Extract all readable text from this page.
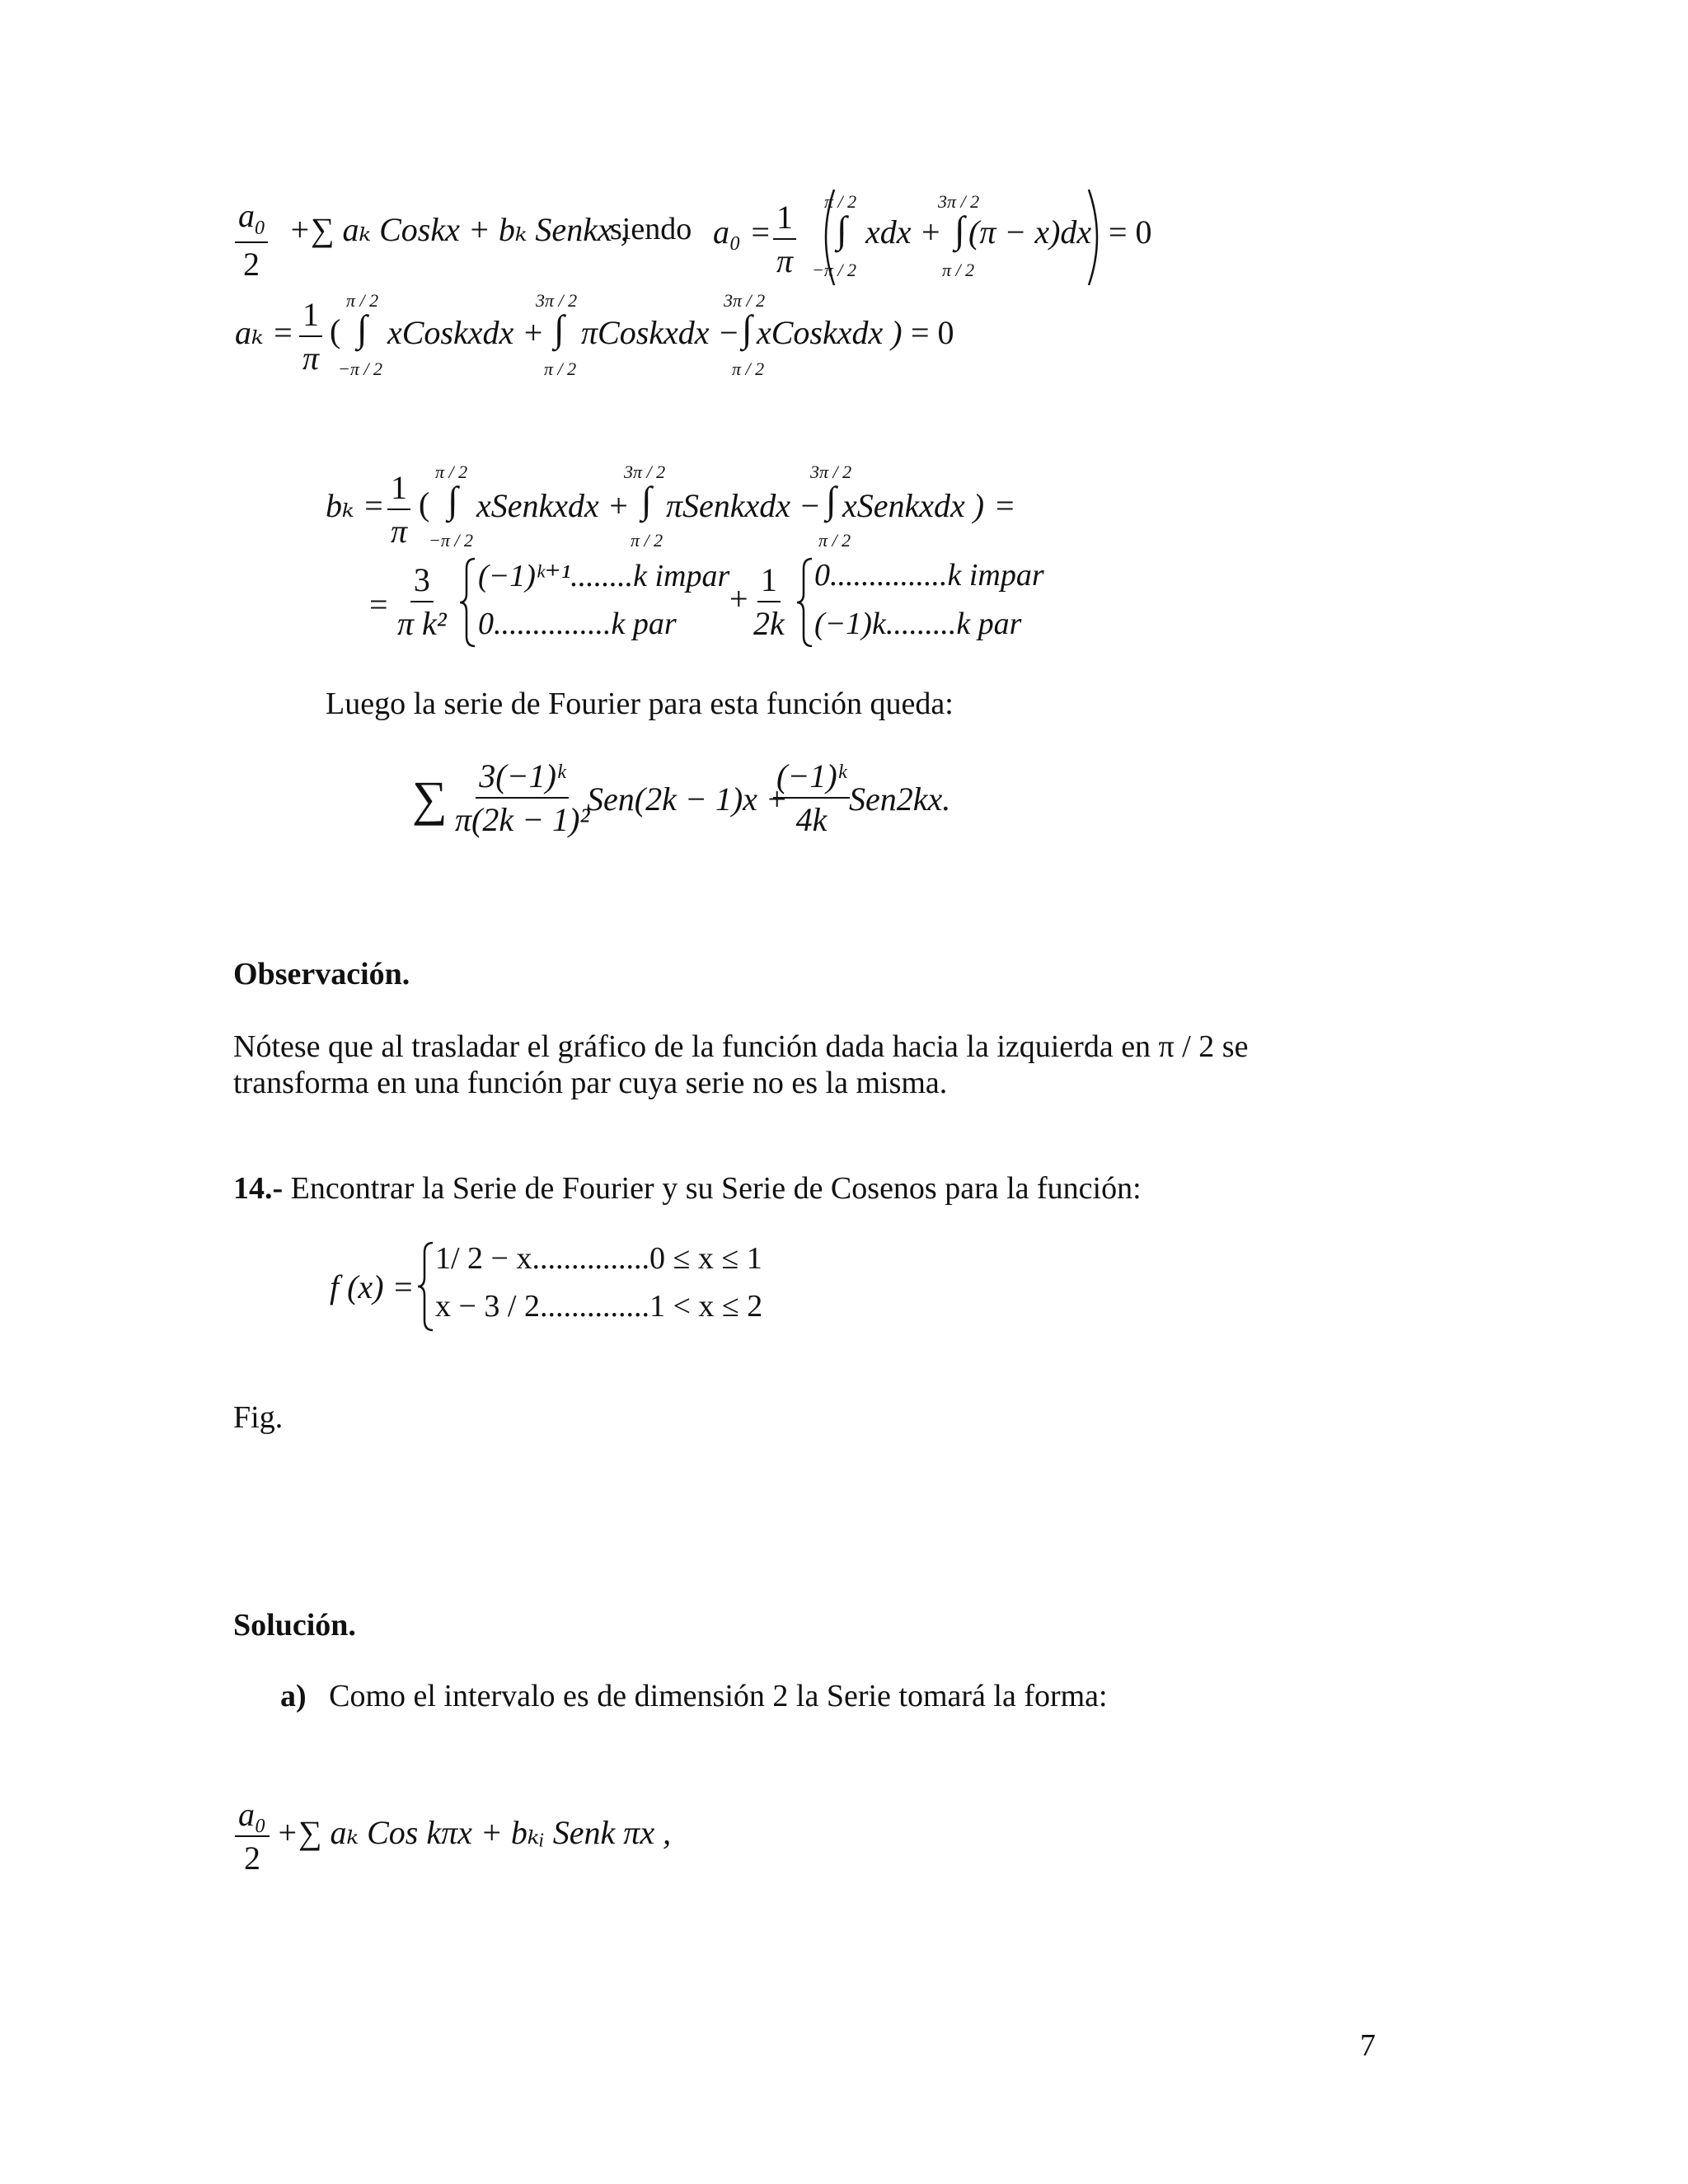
$\frac{a_0}{2}$ +∑ aₖ Coskx + bₖ Senkx ,
siendo $a_0 = \frac{1}{\pi}$ π / 2
∫
−π / 2
xdx +
3π / 2
∫
π / 2
(π − x)dx = 0
$a_k = \frac{1}{\pi}$ (
π / 2
∫
−π / 2
xCoskxdx +
3π / 2
∫
π / 2
πCoskxdx −
3π / 2
∫
π / 2
xCoskxdx ) = 0
$b_k = \frac{1}{\pi}$ (
π / 2
∫
−π / 2
xSenkxdx +
3π / 2
∫
π / 2
πSenkxdx −
3π / 2
∫
π / 2
xSenkxdx ) =
= $\frac{3}{\text{π k²}}$ (−1)ᵏ⁺¹........k impar
0...............k par
+ $\frac{1}{2k} 0...............k$ impar
(−1)k.........k par
Luego la serie de Fourier para esta función queda:
∑ $\frac{\text{3(−1)ᵏ}}{\text{π(2k − 1)²}}$
Sen(2k − 1)x +
$\frac{\text{(−1)ᵏ}}{4k} Sen2kx$.
Observación.
Nótese que al trasladar el gráfico de la función dada hacia la izquierda en π / 2 se
transforma en una función par cuya serie no es la misma.
14.- Encontrar la Serie de Fourier y su Serie de Cosenos para la función:
f (x) =
1/ 2 − x...............0 ≤ x ≤ 1
x − 3 / 2..............1 < x ≤ 2
Fig.
Solución.
a) Como el intervalo es de dimensión 2 la Serie tomará la forma:
$\frac{\text{a₀}}{2}$ +∑ aₖ Cos kπx + bₖᵢ Senk πx ,
7
